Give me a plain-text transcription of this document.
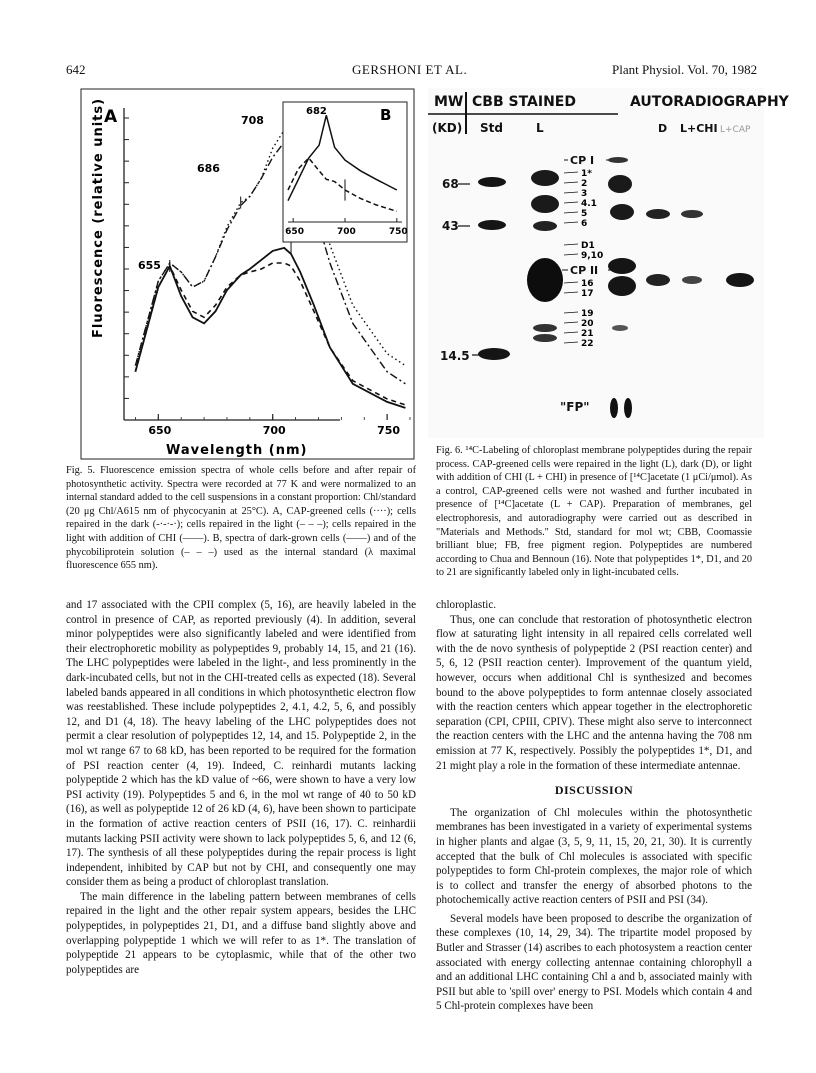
642	GERSHONI ET AL.	Plant Physiol. Vol. 70, 1982
A
Fluorescence (relative units)
650	700	750
Wavelength (nm)
708
686
655
B
682
650	700	750
Fig. 5. Fluorescence emission spectra of whole cells before and after repair of photosynthetic activity. Spectra were recorded at 77 K and were normalized to an internal standard added to the cell suspensions in a constant proportion: Chl/standard (20 μg Chl/A615 nm of phycocyanin at 25°C). A, CAP-greened cells (····); cells repaired in the dark (-·-·-·); cells repaired in the light (– – –); cells repaired in the light with addition of CHI (——). B, spectra of dark-grown cells (——) and of the phycobiliprotein solution (– – –) used as the internal standard (λ maximal fluorescence 655 nm).
MW CBB STAINED	AUTORADIOGRAPHY
(KD) Std	L	D L+CHI L+CAP
68
43
14.5
CP I
CP II
1*
2
3
4.1
5
6
D1
9,10
16
17
19
20
21
22
"FP"
Fig. 6. ¹⁴C-Labeling of chloroplast membrane polypeptides during the repair process. CAP-greened cells were repaired in the light (L), dark (D), or light with addition of CHI (L + CHI) in presence of [¹⁴C]acetate (1 μCi/μmol). As a control, CAP-greened cells were not washed and further incubated in presence of [¹⁴C]acetate (L + CAP). Preparation of membranes, gel electrophoresis, and autoradiography were carried out as described in "Materials and Methods." Std, standard for mol wt; CBB, Coomassie brilliant blue; FB, free pigment region. Polypeptides are numbered according to Chua and Bennoun (16). Note that polypeptides 1*, D1, and 20 to 21 are significantly labeled only in light-incubated cells.

and 17 associated with the CPII complex (5, 16), are heavily labeled in the control in presence of CAP, as reported previously (4). In addition, several minor polypeptides were also significantly labeled and were identified from their electrophoretic mobility as polypeptides 9, probably 14, 15, and 21 (16). The LHC polypeptides were labeled in the light-, and less prominently in the dark-incubated cells, but not in the CHI-treated cells as expected (18). Several labeled bands appeared in all conditions in which photosynthetic electron flow was reestablished. These include polypeptides 2, 4.1, 4.2, 5, 6, and possibly 12, and D1 (4, 18). The heavy labeling of the LHC polypeptides does not permit a clear resolution of polypeptides 12, 14, and 15. Polypeptide 2, in the mol wt range 67 to 68 kD, has been reported to be required for the formation of PSI reaction center (4, 19). Indeed, C. reinhardi mutants lacking polypeptide 2 which has the kD value of ~66, were shown to have a very low PSI activity (19). Polypeptides 5 and 6, in the mol wt range of 40 to 50 kD (16), as well as polypeptide 12 of 26 kD (4, 6), have been shown to participate in the formation of active reaction centers of PSII (16, 17). C. reinhardii mutants lacking PSII activity were shown to lack polypeptides 5, 6, and 12 (6, 17). The synthesis of all these polypeptides during the repair process is light independent, inhibited by CAP but not by CHI, and consequently one may consider them as being a product of chloroplast translation.

The main difference in the labeling pattern between membranes of cells repaired in the light and the other repair system appears, besides the LHC polypeptides, in polypeptides 21, D1, and a diffuse band slightly above and overlapping polypeptide 1 which we will refer to as 1*. The translation of polypeptide 21 appears to be cytoplasmic, while that of the other two polypeptides are

chloroplastic.

Thus, one can conclude that restoration of photosynthetic electron flow at saturating light intensity in all repaired cells correlated well with the de novo synthesis of polypeptide 2 (PSI reaction center) and 5, 6, 12 (PSII reaction center). Improvement of the quantum yield, however, occurs when additional Chl is synthesized and becomes bound to the above polypeptides to form antennae closely associated with the reaction centers which appear together in the electrophoretic separation (CPI, CPIII, CPIV). These might also serve to interconnect the reaction centers with the LHC and the antenna having the 708 nm emission at 77 K, respectively. Possibly the polypeptides 1*, D1, and 21 might play a role in the formation of these intermediate antennae.

DISCUSSION

The organization of Chl molecules within the photosynthetic membranes has been investigated in a variety of experimental systems in higher plants and algae (3, 5, 9, 11, 15, 20, 21, 30). It is currently accepted that the bulk of Chl molecules is associated with specific polypeptides to form Chl-protein complexes, the major role of which is to collect and transfer the energy of absorbed photons to the photochemically active reaction centers of PSII and PSI (34).

Several models have been proposed to describe the organization of these complexes (10, 14, 29, 34). The tripartite model proposed by Butler and Strasser (14) ascribes to each photosystem a reaction center associated with energy collecting antennae containing chlorophyll a and an additional LHC containing Chl a and b, associated mainly with PSII but able to 'spill over' energy to PSI. Models which contain 4 and 5 Chl-protein complexes have been
